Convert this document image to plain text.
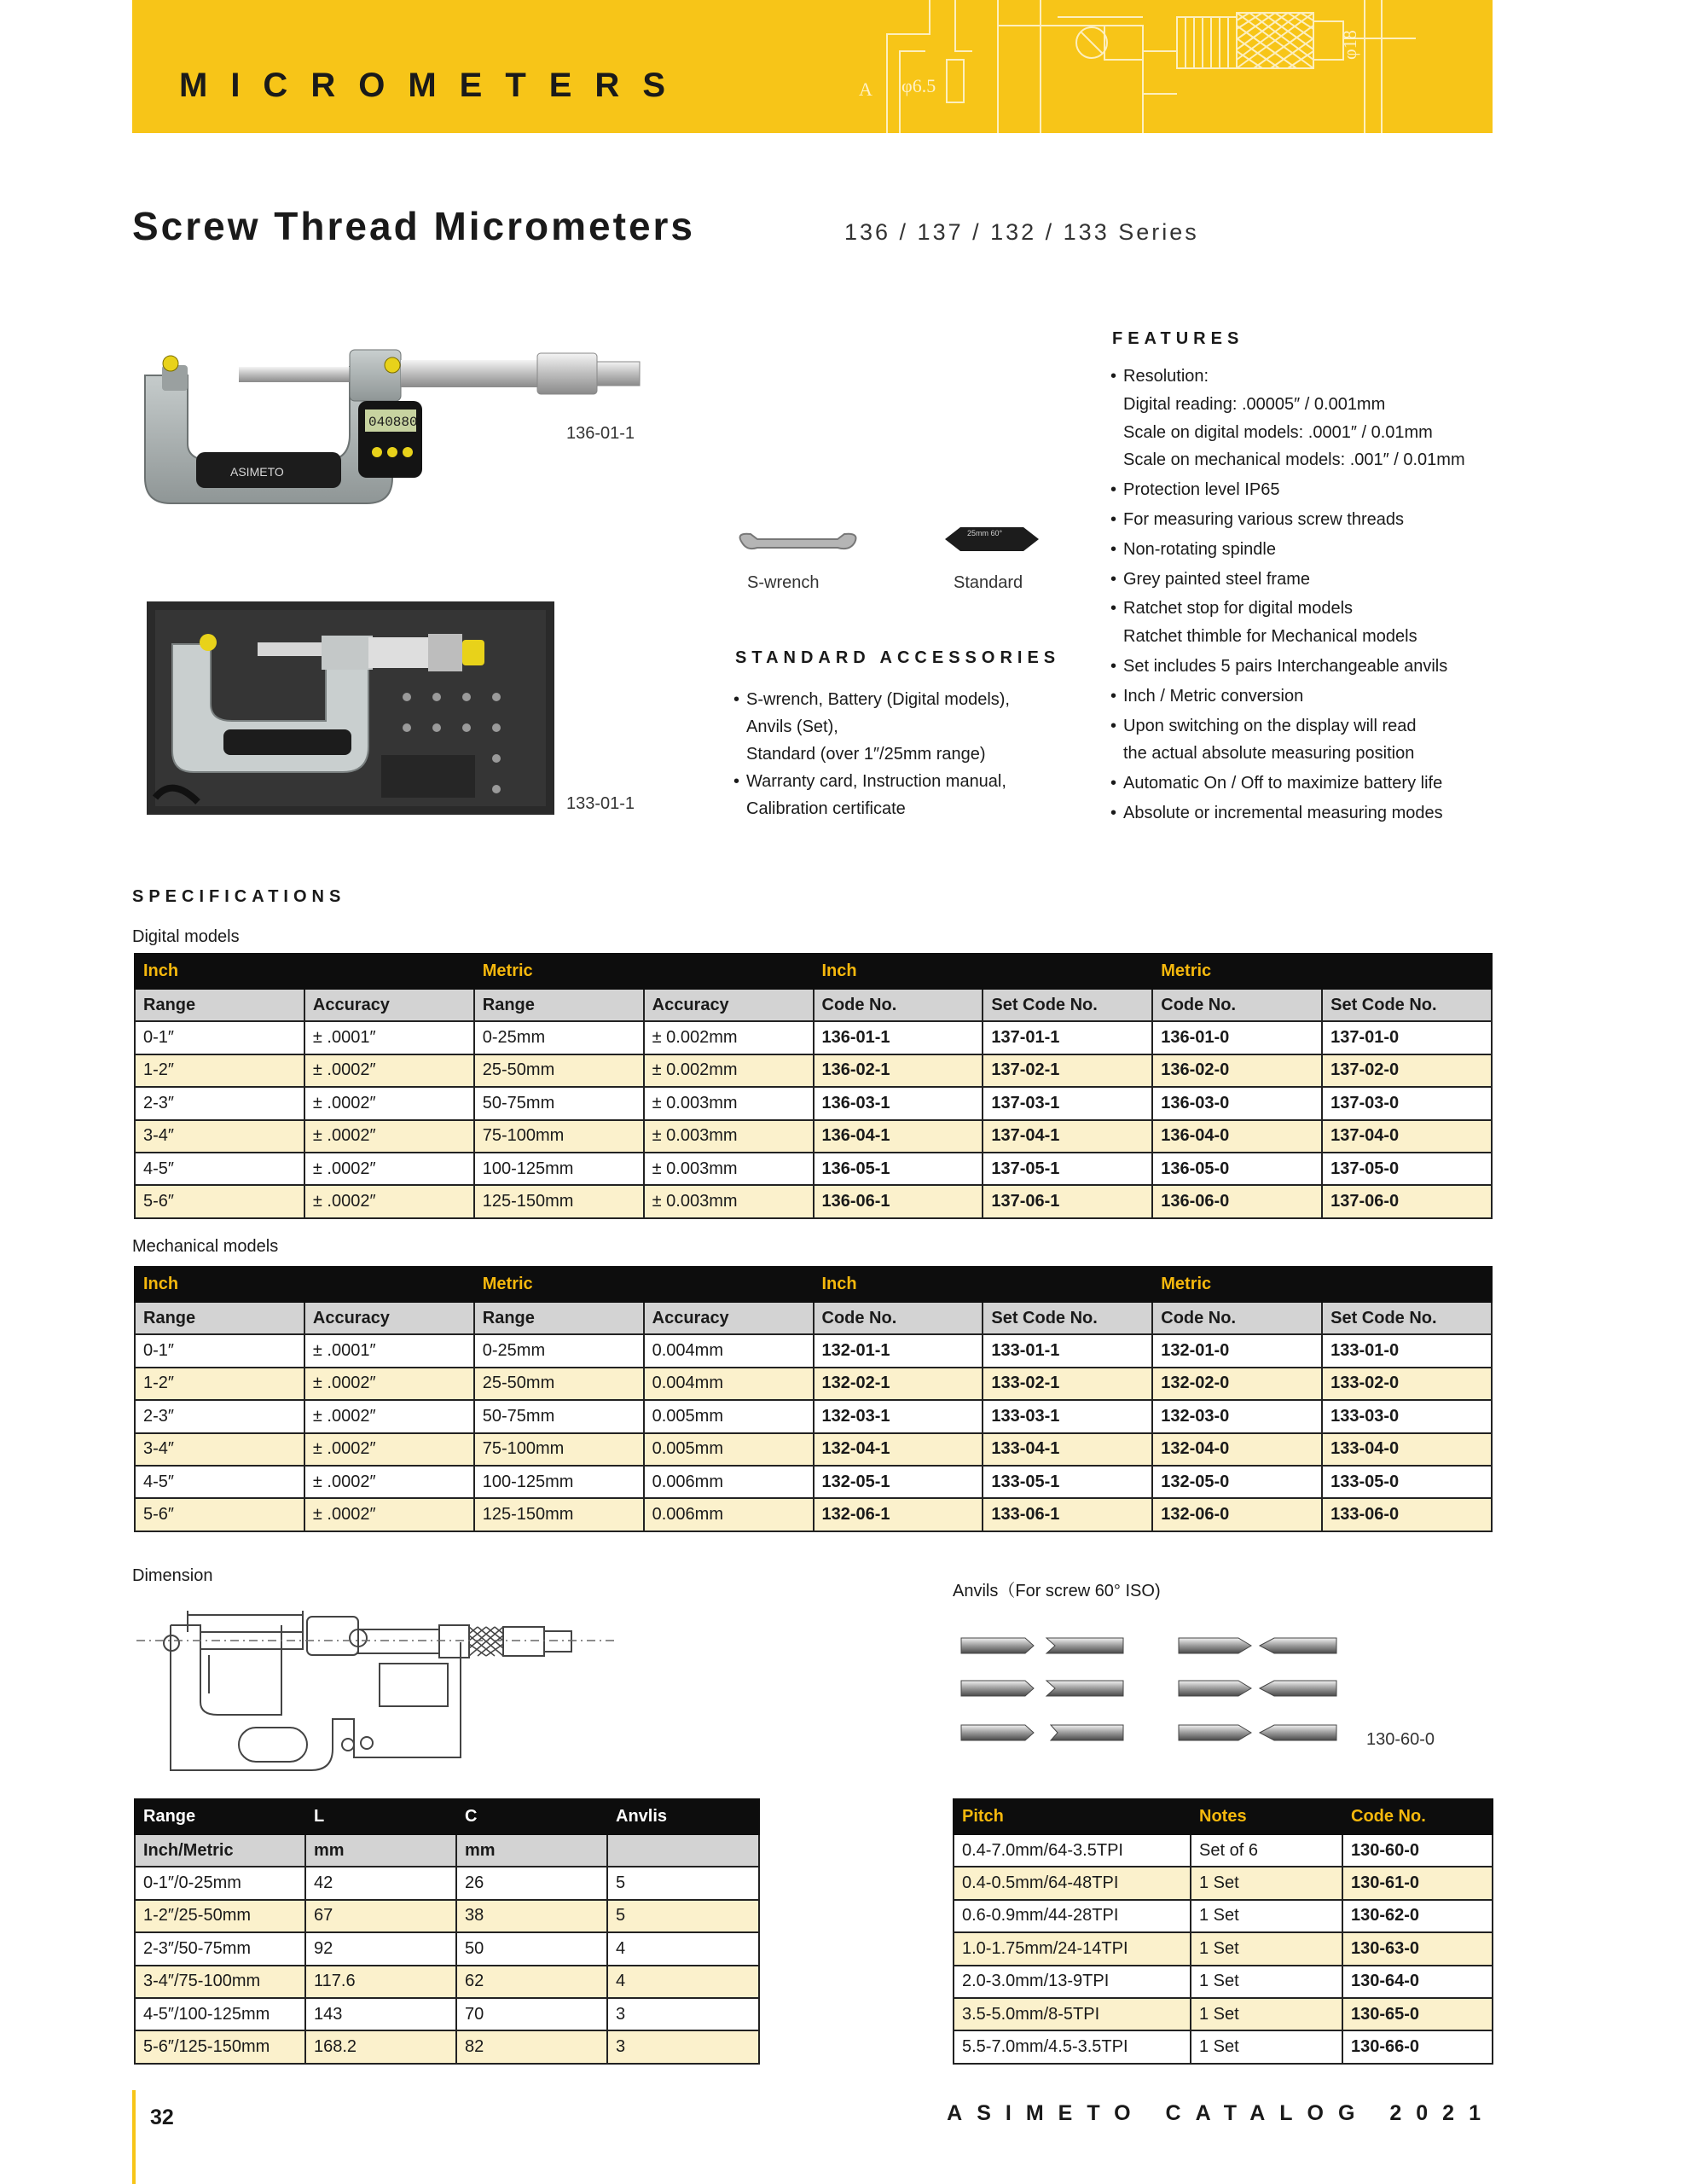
MICROMETERS	A φ6.5
φ18
Screw Thread Micrometers	136 / 137 / 132 / 133 Series
ASIMETO
040880
136-01-1
133-01-1
S-wrench
25mm 60°
Standard
STANDARD ACCESSORIES
• S-wrench, Battery (Digital models),
Anvils (Set),
Standard (over 1″/25mm range)
• Warranty card, Instruction manual,
Calibration certificate
FEATURES
• Resolution:
Digital reading: .00005″ / 0.001mm
Scale on digital models: .0001″ / 0.01mm
Scale on mechanical models: .001″ / 0.01mm
• Protection level IP65
• For measuring various screw threads
• Non-rotating spindle
• Grey painted steel frame
• Ratchet stop for digital models
Ratchet thimble for Mechanical models
• Set includes 5 pairs Interchangeable anvils
• Inch / Metric conversion
• Upon switching on the display will read
the actual absolute measuring position
• Automatic On / Off to maximize battery life
• Absolute or incremental measuring modes
SPECIFICATIONS
Digital models
Inch		Metric		Inch		Metric	
Range	Accuracy	Range	Accuracy	Code No.	Set Code No.	Code No.	Set Code No.
0-1″	± .0001″	0-25mm	± 0.002mm	136-01-1	137-01-1	136-01-0	137-01-0
1-2″	± .0002″	25-50mm	± 0.002mm	136-02-1	137-02-1	136-02-0	137-02-0
2-3″	± .0002″	50-75mm	± 0.003mm	136-03-1	137-03-1	136-03-0	137-03-0
3-4″	± .0002″	75-100mm	± 0.003mm	136-04-1	137-04-1	136-04-0	137-04-0
4-5″	± .0002″	100-125mm	± 0.003mm	136-05-1	137-05-1	136-05-0	137-05-0
5-6″	± .0002″	125-150mm	± 0.003mm	136-06-1	137-06-1	136-06-0	137-06-0
Mechanical models
Inch		Metric		Inch		Metric	
Range	Accuracy	Range	Accuracy	Code No.	Set Code No.	Code No.	Set Code No.
0-1″	± .0001″	0-25mm	0.004mm	132-01-1	133-01-1	132-01-0	133-01-0
1-2″	± .0002″	25-50mm	0.004mm	132-02-1	133-02-1	132-02-0	133-02-0
2-3″	± .0002″	50-75mm	0.005mm	132-03-1	133-03-1	132-03-0	133-03-0
3-4″	± .0002″	75-100mm	0.005mm	132-04-1	133-04-1	132-04-0	133-04-0
4-5″	± .0002″	100-125mm	0.006mm	132-05-1	133-05-1	132-05-0	133-05-0
5-6″	± .0002″	125-150mm	0.006mm	132-06-1	133-06-1	132-06-0	133-06-0
Dimension
Range	L	C	Anvlis
Inch/Metric	mm	mm	
0-1″/0-25mm	42	26	5
1-2″/25-50mm	67	38	5
2-3″/50-75mm	92	50	4
3-4″/75-100mm	117.6	62	4
4-5″/100-125mm	143	70	3
5-6″/125-150mm	168.2	82	3
Anvils（For screw 60° ISO)
130-60-0
Pitch	Notes	Code No.
0.4-7.0mm/64-3.5TPI	Set of 6	130-60-0
0.4-0.5mm/64-48TPI	1 Set	130-61-0
0.6-0.9mm/44-28TPI	1 Set	130-62-0
1.0-1.75mm/24-14TPI	1 Set	130-63-0
2.0-3.0mm/13-9TPI	1 Set	130-64-0
3.5-5.0mm/8-5TPI	1 Set	130-65-0
5.5-7.0mm/4.5-3.5TPI	1 Set	130-66-0
32	ASIMETO CATALOG 2021
